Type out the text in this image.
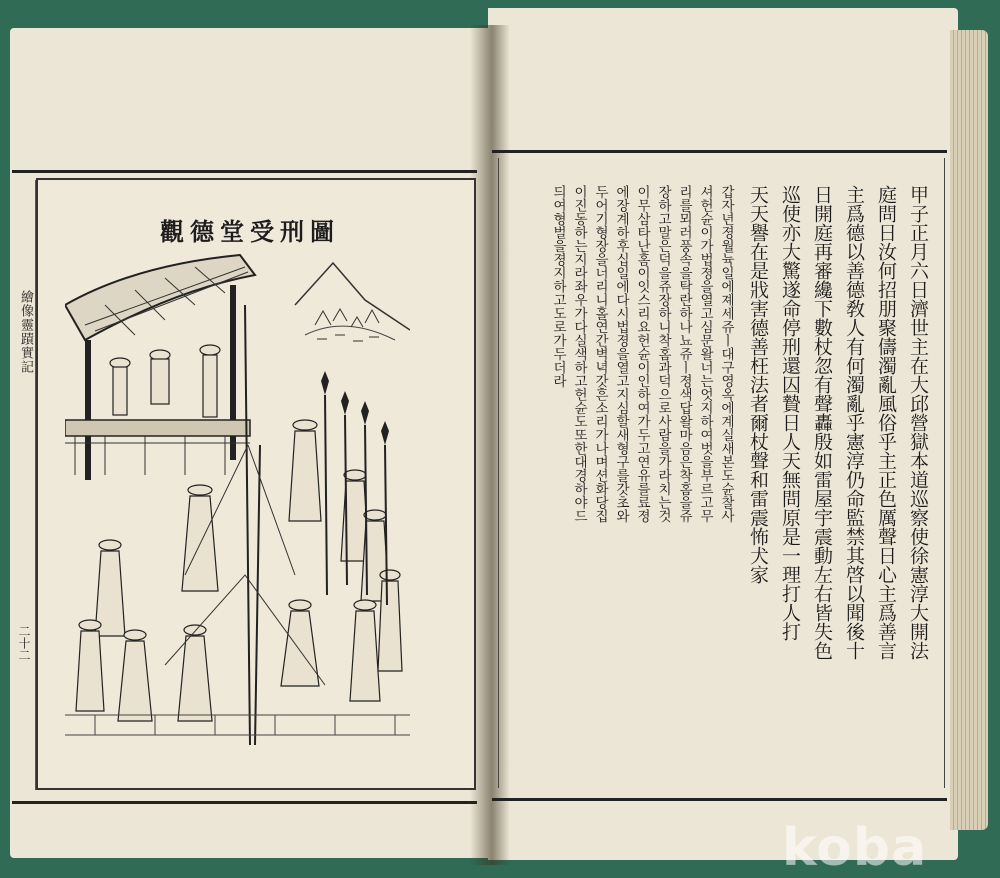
繪像靈蹟實記
二十二
觀德堂受刑圖	甲子正月六日濟世主在大邱營獄本道巡察使徐憲淳大開法
庭問日汝何招朋聚儔濁亂風俗乎主正色厲聲日心主爲善言
主爲德以善德敎人有何濁亂乎憲淳仍命監禁其啓以聞後十
日開庭再審纔下數杖忽有聲轟殷如雷屋宇震動左右皆失色
巡使亦大驚遂命停刑還囚贄日人天無問原是一理打人打
天天譽在是戕害德善枉法者爾杖聲和雷震怖犬家
갑자년졍월뉵일에졔세쥬ㅣ대구영옥에계실새본도슌찰사
셔헌슌이가법졍을열고심문왈너는엇지하여벗을부르고무
리를뫼러풍속을탁란하나뇨쥬ㅣ졍색답왈마음은착홈을쥬
장하고말은덕을쥬장하니착홈과덕으로사람을가라치는것
이무삼타난홈이잇스리요헌슌이인하여가두고연유를료졍
에장계하후십일에다시법졍을열고지심할새형구를갓초와
두어기형장을너리니홀연간벽녁갓흔소리가나며션화당집
이진동하는지라좌우가다실색하고헌슌도또한대경하야드
듸여형벌을졍지하고도로가두더라
koba
